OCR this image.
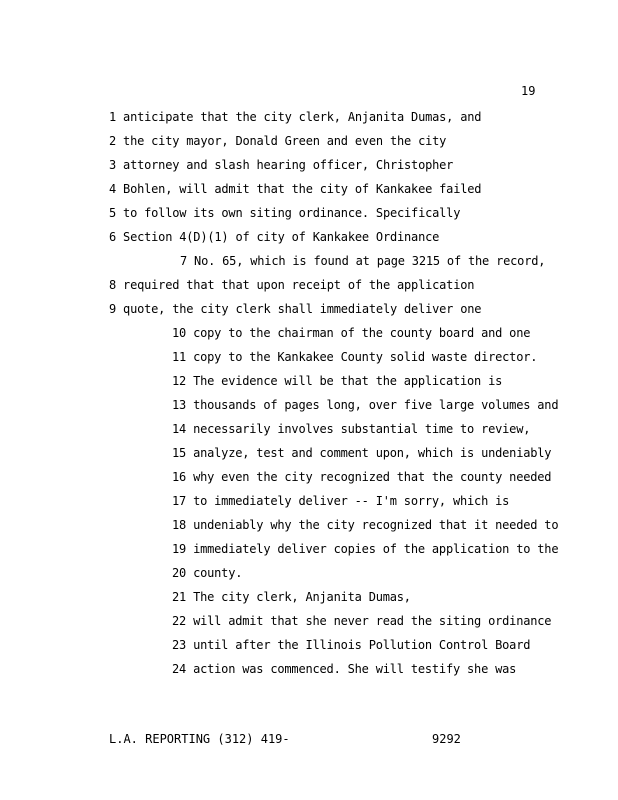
19
1 anticipate that the city clerk, Anjanita Dumas, and
2 the city mayor, Donald Green and even the city
3 attorney and slash hearing officer, Christopher
4 Bohlen, will admit that the city of Kankakee failed
5 to follow its own siting ordinance. Specifically
6 Section 4(D)(1) of city of Kankakee Ordinance
7 No. 65, which is found at page 3215 of the record,
8 required that that upon receipt of the application
9 quote, the city clerk shall immediately deliver one
10 copy to the chairman of the county board and one
11 copy to the Kankakee County solid waste director.
12 The evidence will be that the application is
13 thousands of pages long, over five large volumes and
14 necessarily involves substantial time to review,
15 analyze, test and comment upon, which is undeniably
16 why even the city recognized that the county needed
17 to immediately deliver -- I'm sorry, which is
18 undeniably why the city recognized that it needed to
19 immediately deliver copies of the application to the
20 county.
21 The city clerk, Anjanita Dumas,
22 will admit that she never read the siting ordinance
23 until after the Illinois Pollution Control Board
24 action was commenced. She will testify she was
L.A. REPORTING (312) 419-	9292
